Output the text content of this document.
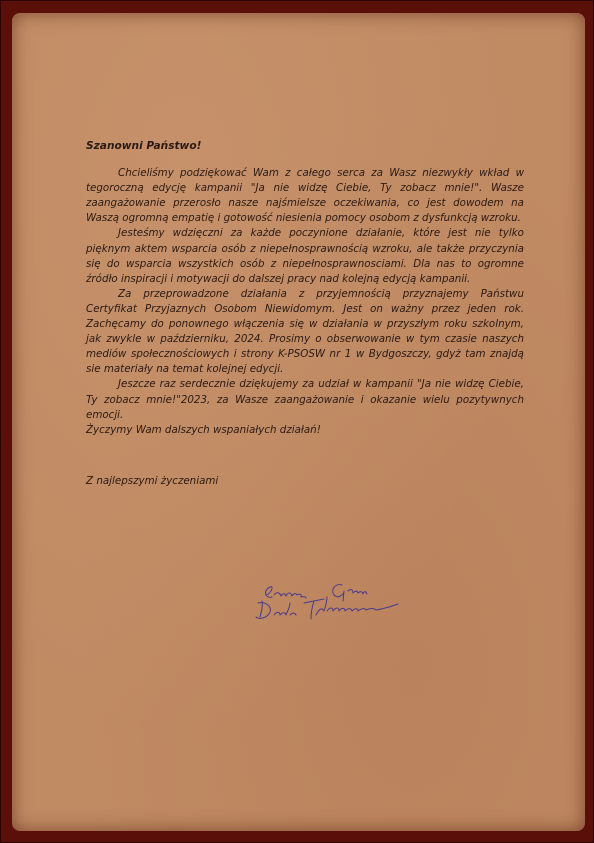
Szanowni Państwo!

Chcieliśmy podziękować Wam z całego serca za Wasz niezwykły wkład w tegoroczną edycję kampanii "Ja nie widzę Ciebie, Ty zobacz mnie!". Wasze zaangażowanie przerosło nasze najśmielsze oczekiwania, co jest dowodem na Waszą ogromną empatię i gotowość niesienia pomocy osobom z dysfunkcją wzroku.

Jesteśmy wdzięczni za każde poczynione działanie, które jest nie tylko pięknym aktem wsparcia osób z niepełnosprawnością wzroku, ale także przyczynia się do wsparcia wszystkich osób z niepełnosprawnosciami. Dla nas to ogromne źródło inspiracji i motywacji do dalszej pracy nad kolejną edycją kampanii.

Za przeprowadzone działania z przyjemnością przyznajemy Państwu Certyfikat Przyjaznych Osobom Niewidomym. Jest on ważny przez jeden rok. Zachęcamy do ponownego włączenia się w działania w przyszłym roku szkolnym, jak zwykle w październiku, 2024. Prosimy o obserwowanie w tym czasie naszych mediów społecznościowych i strony K-PSOSW nr 1 w Bydgoszczy, gdyż tam znajdą sie materiały na temat kolejnej edycji.

Jeszcze raz serdecznie dziękujemy za udział w kampanii "Ja nie widzę Ciebie, Ty zobacz mnie!"2023, za Wasze zaangażowanie i okazanie wielu pozytywnych emocji.

Życzymy Wam dalszych wspaniałych działań!

Z najlepszymi życzeniami
